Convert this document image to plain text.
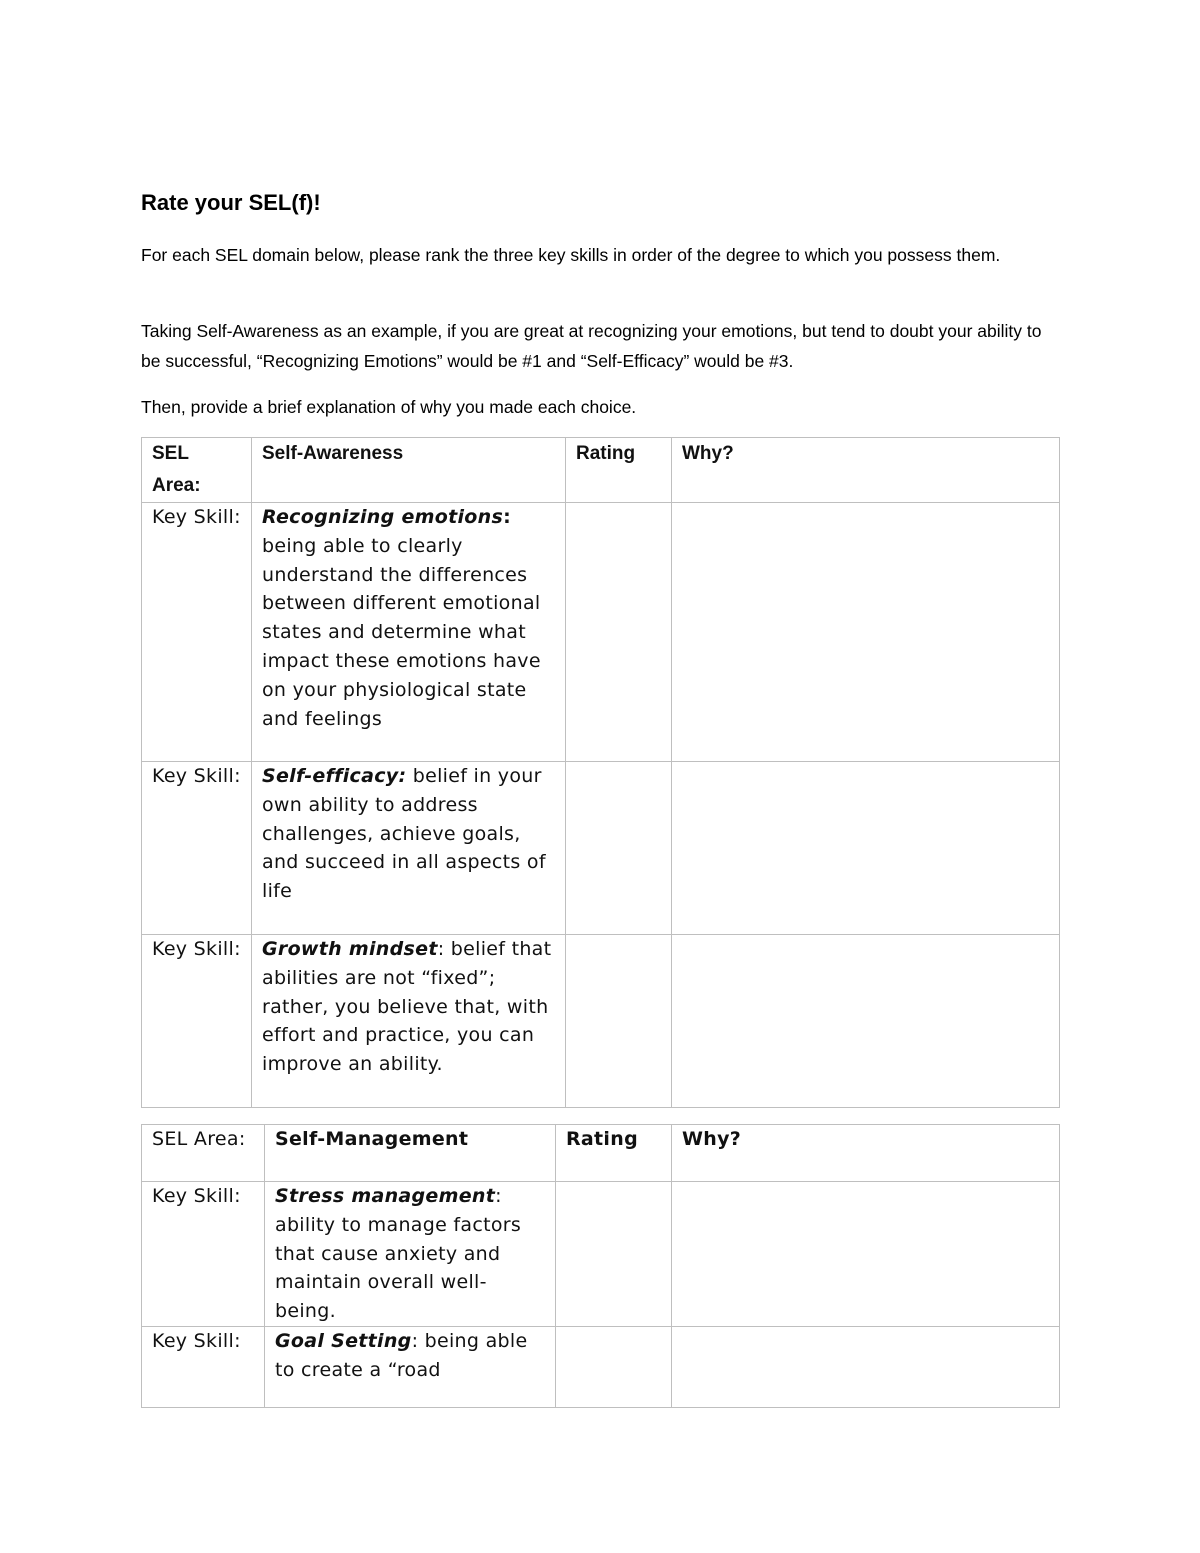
Rate your SEL(f)!

For each SEL domain below, please rank the three key skills in order of the degree to which you possess them.

Taking Self-Awareness as an example, if you are great at recognizing your emotions, but tend to doubt your ability to be successful, “Recognizing Emotions” would be #1 and “Self-Efficacy” would be #3.

Then, provide a brief explanation of why you made each choice.

SEL Area:	Self-Awareness	Rating	Why?
Key Skill:	Recognizing emotions: being able to clearly understand the differences between different emotional states and determine what impact these emotions have on your physiological state and feelings		
Key Skill:	Self-efficacy: belief in your own ability to address challenges, achieve goals, and succeed in all aspects of life		
Key Skill:	Growth mindset: belief that abilities are not “fixed”; rather, you believe that, with effort and practice, you can improve an ability.		
SEL Area:	Self-Management	Rating	Why?
Key Skill:	Stress management: ability to manage factors that cause anxiety and maintain overall well-being.		
Key Skill:	Goal Setting: being able to create a “road		
